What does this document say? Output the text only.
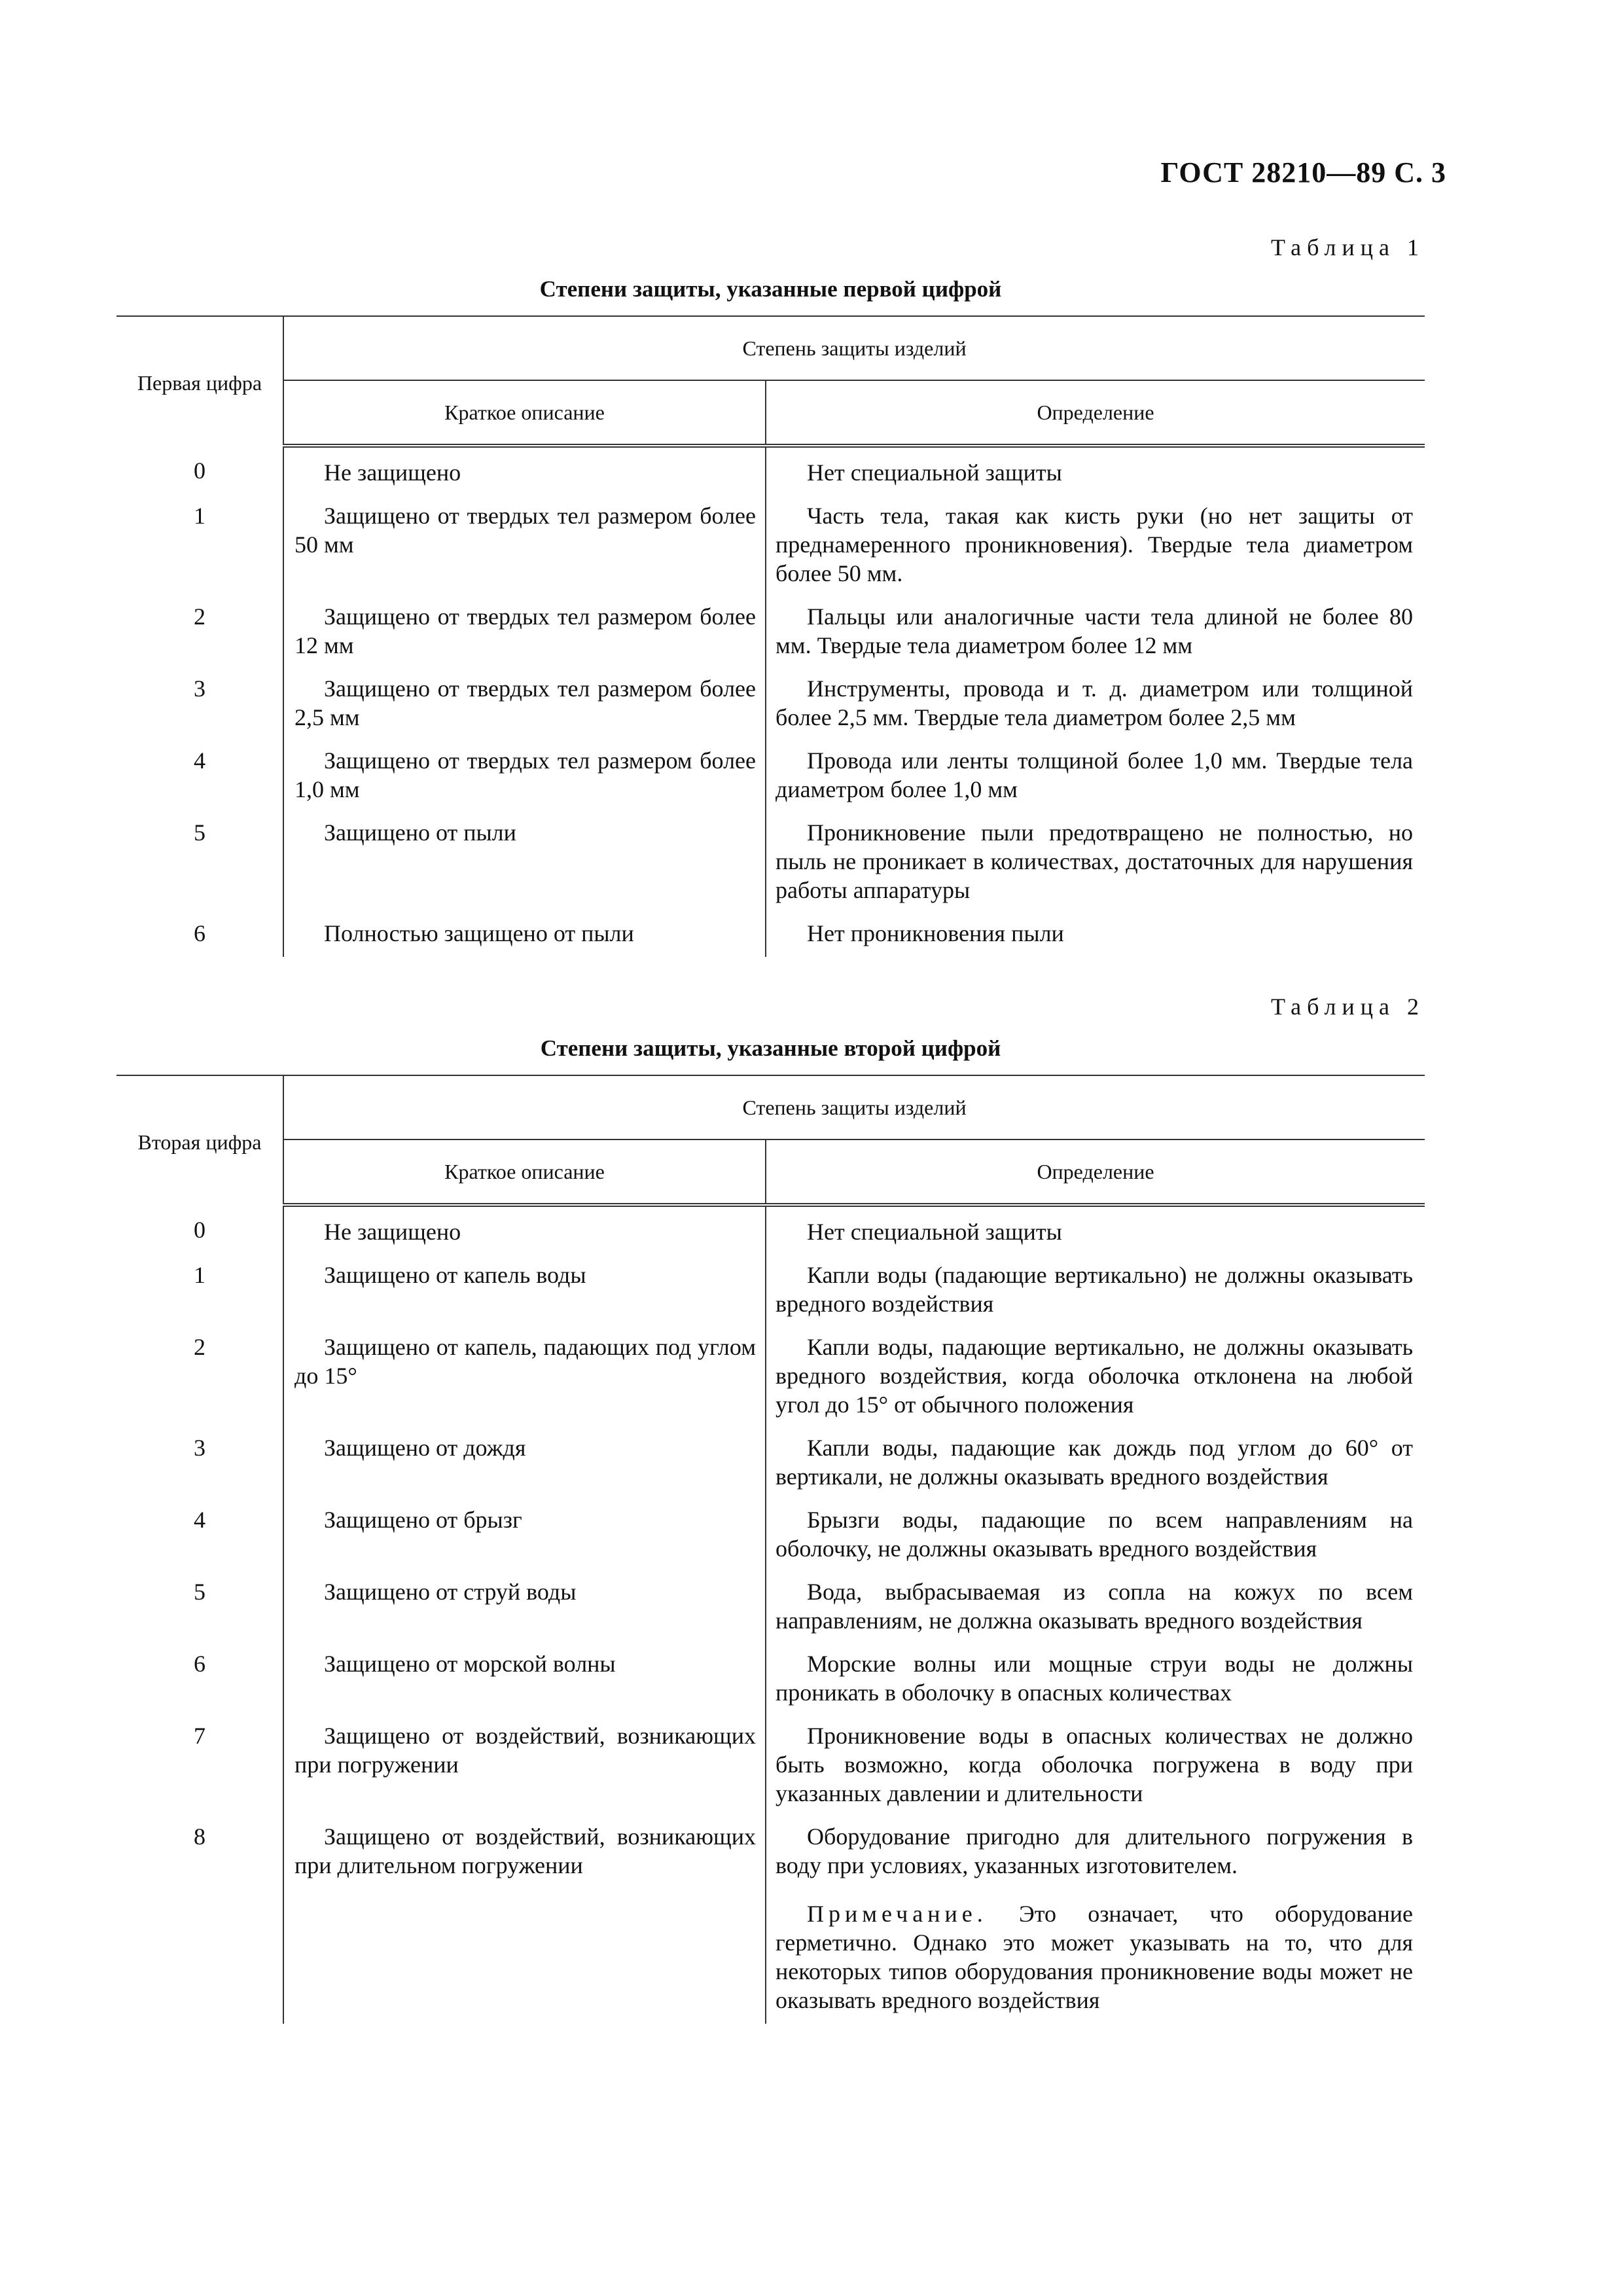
ГОСТ 28210—89 С. 3
Таблица 1
Степени защиты, указанные первой цифрой
Первая цифра	Степень защиты изделий	
	Краткое описание	Определение
0	Не защищено	Нет специальной защиты
1	Защищено от твердых тел размером более 50 мм	Часть тела, такая как кисть руки (но нет защиты от преднамеренного проникновения). Твердые тела диаметром более 50 мм.
2	Защищено от твердых тел размером более 12 мм	Пальцы или аналогичные части тела длиной не более 80 мм. Твердые тела диаметром более 12 мм
3	Защищено от твердых тел размером более 2,5 мм	Инструменты, провода и т. д. диаметром или толщиной более 2,5 мм. Твердые тела диаметром более 2,5 мм
4	Защищено от твердых тел размером более 1,0 мм	Провода или ленты толщиной более 1,0 мм. Твердые тела диаметром более 1,0 мм
5	Защищено от пыли	Проникновение пыли предотвращено не полностью, но пыль не проникает в количествах, достаточных для нарушения работы аппаратуры
6	Полностью защищено от пыли	Нет проникновения пыли
Таблица 2
Степени защиты, указанные второй цифрой
Вторая цифра	Степень защиты изделий	
	Краткое описание	Определение
0	Не защищено	Нет специальной защиты
1	Защищено от капель воды	Капли воды (падающие вертикально) не должны оказывать вредного воздействия
2	Защищено от капель, падающих под углом до 15°	Капли воды, падающие вертикально, не должны оказывать вредного воздействия, когда оболочка отклонена на любой угол до 15° от обычного положения
3	Защищено от дождя	Капли воды, падающие как дождь под углом до 60° от вертикали, не должны оказывать вредного воздействия
4	Защищено от брызг	Брызги воды, падающие по всем направлениям на оболочку, не должны оказывать вредного воздействия
5	Защищено от струй воды	Вода, выбрасываемая из сопла на кожух по всем направлениям, не должна оказывать вредного воздействия
6	Защищено от морской волны	Морские волны или мощные струи воды не должны проникать в оболочку в опасных количествах
7	Защищено от воздействий, возникающих при погружении	Проникновение воды в опасных количествах не должно быть возможно, когда оболочка погружена в воду при указанных давлении и длительности
8	Защищено от воздействий, возникающих при длительном погружении	Оборудование пригодно для длительного погружения в воду при условиях, указанных изготовителем.
		Примечание. Это означает, что оборудование герметично. Однако это может указывать на то, что для некоторых типов оборудования проникновение воды может не оказывать вредного воздействия
